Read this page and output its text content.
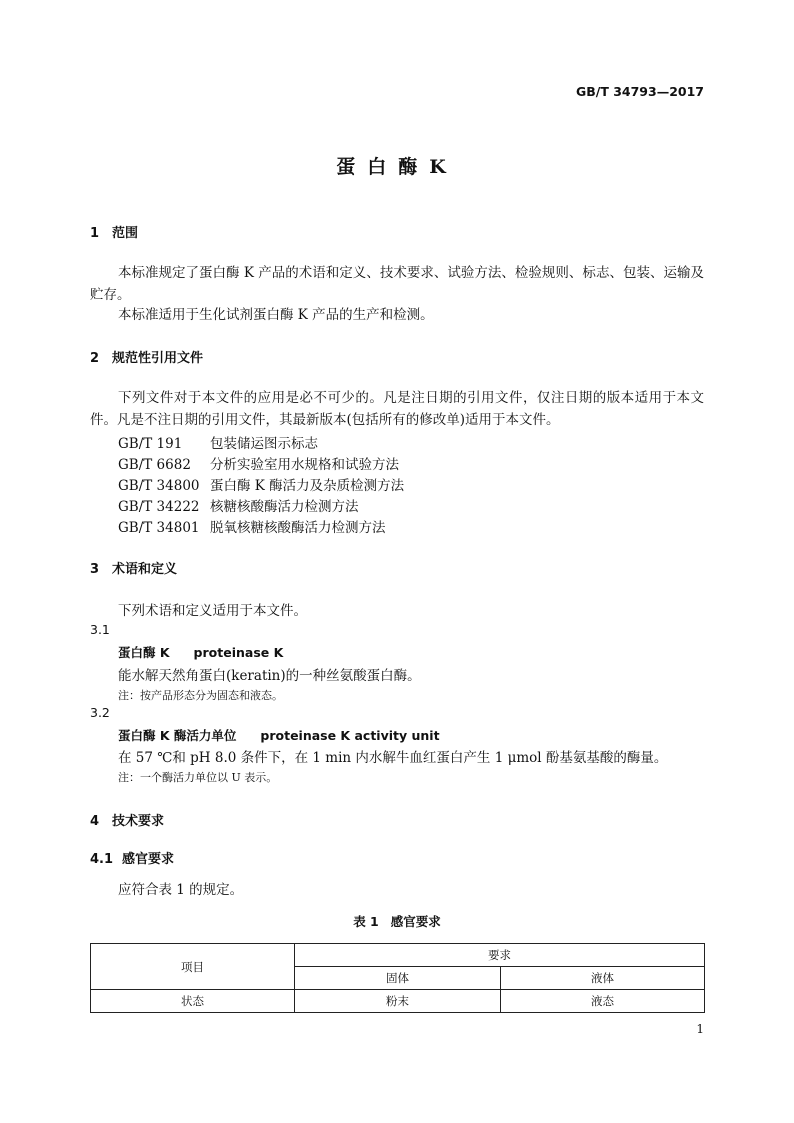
GB/T 34793—2017
蛋白酶K
1 范围
本标准规定了蛋白酶 K 产品的术语和定义、技术要求、试验方法、检验规则、标志、包装、运输及贮存。
本标准适用于生化试剂蛋白酶 K 产品的生产和检测。
2 规范性引用文件
下列文件对于本文件的应用是必不可少的。凡是注日期的引用文件，仅注日期的版本适用于本文件。凡是不注日期的引用文件，其最新版本(包括所有的修改单)适用于本文件。
GB/T 191 包装储运图示标志
GB/T 6682 分析实验室用水规格和试验方法
GB/T 34800 蛋白酶 K 酶活力及杂质检测方法
GB/T 34222 核糖核酸酶活力检测方法
GB/T 34801 脱氧核糖核酸酶活力检测方法
3 术语和定义
下列术语和定义适用于本文件。
3.1
蛋白酶 K proteinase K
能水解天然角蛋白(keratin)的一种丝氨酸蛋白酶。
注：按产品形态分为固态和液态。
3.2
蛋白酶 K 酶活力单位 proteinase K activity unit
在 57 ℃和 pH 8.0 条件下，在 1 min 内水解牛血红蛋白产生 1 μmol 酚基氨基酸的酶量。
注：一个酶活力单位以 U 表示。
4 技术要求
4.1 感官要求
应符合表 1 的规定。
表 1 感官要求
项目	要求	
	固体	液体
状态	粉末	液态
1
